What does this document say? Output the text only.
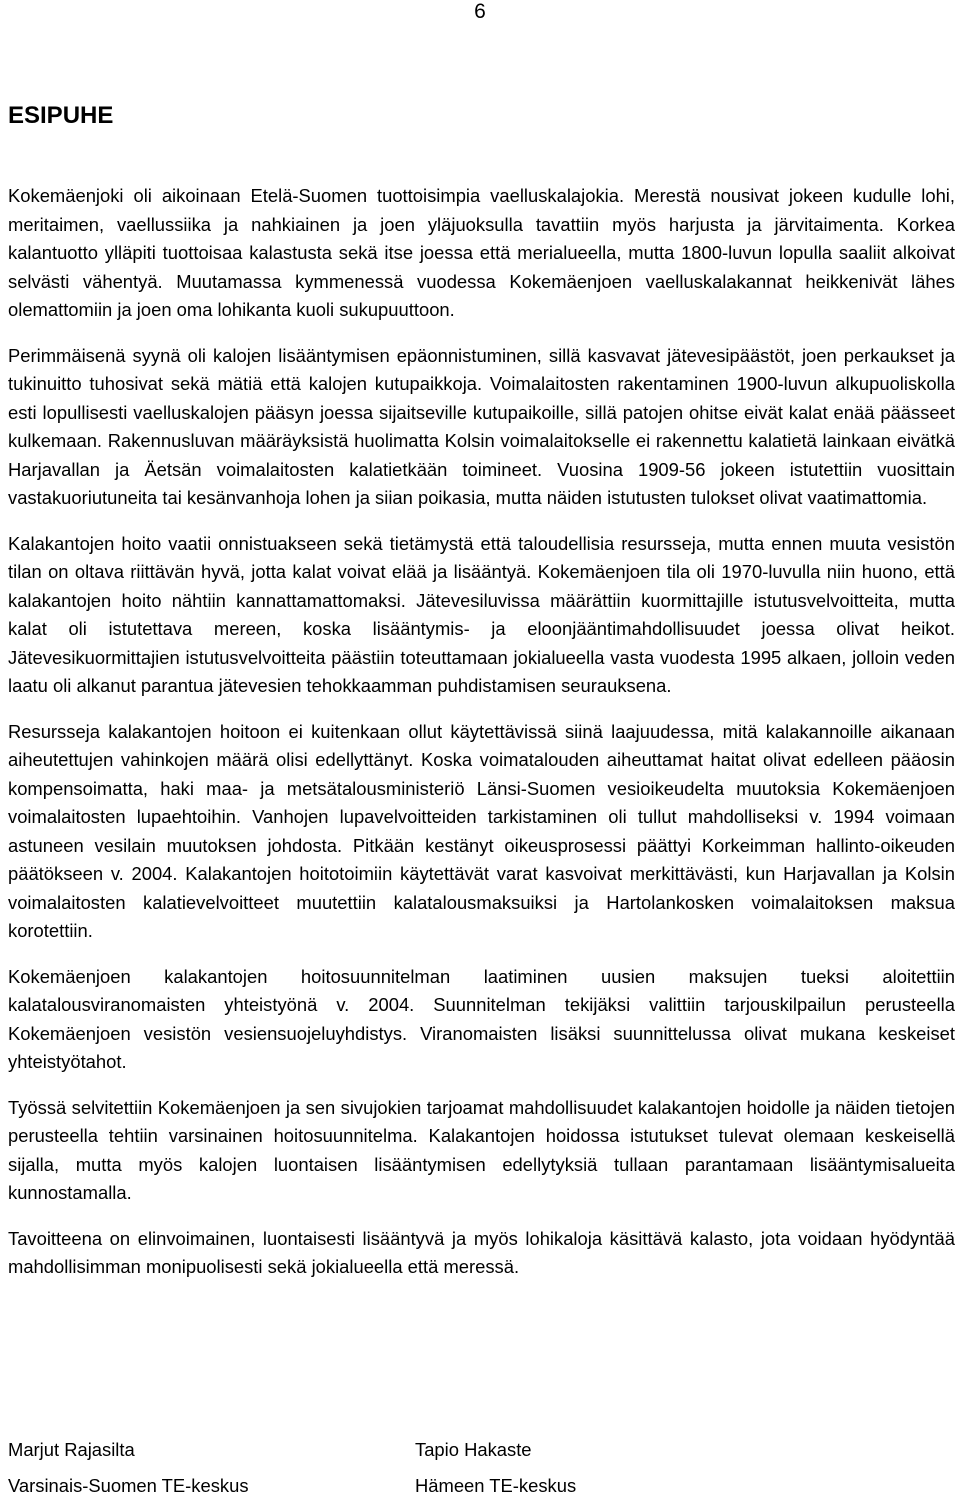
6
ESIPUHE

Kokemäenjoki oli aikoinaan Etelä-Suomen tuottoisimpia vaelluskalajokia. Merestä nousivat jokeen kudulle lohi, meritaimen, vaellussiika ja nahkiainen ja joen yläjuoksulla tavattiin myös harjusta ja järvitaimenta. Korkea kalantuotto ylläpiti tuottoisaa kalastusta sekä itse joessa että merialueella, mutta 1800-luvun lopulla saaliit alkoivat selvästi vähentyä. Muutamassa kymmenessä vuodessa Kokemäenjoen vaelluskalakannat heikkenivät lähes olemattomiin ja joen oma lohikanta kuoli sukupuuttoon.

Perimmäisenä syynä oli kalojen lisääntymisen epäonnistuminen, sillä kasvavat jätevesipäästöt, joen perkaukset ja tukinuitto tuhosivat sekä mätiä että kalojen kutupaikkoja. Voimalaitosten rakentaminen 1900-luvun alkupuoliskolla esti lopullisesti vaelluskalojen pääsyn joessa sijaitseville kutupaikoille, sillä patojen ohitse eivät kalat enää päässeet kulkemaan. Rakennusluvan määräyksistä huolimatta Kolsin voimalaitokselle ei rakennettu kalatietä lainkaan eivätkä Harjavallan ja Äetsän voimalaitosten kalatietkään toimineet. Vuosina 1909-56 jokeen istutettiin vuosittain vastakuoriutuneita tai kesänvanhoja lohen ja siian poikasia, mutta näiden istutusten tulokset olivat vaatimattomia.

Kalakantojen hoito vaatii onnistuakseen sekä tietämystä että taloudellisia resursseja, mutta ennen muuta vesistön tilan on oltava riittävän hyvä, jotta kalat voivat elää ja lisääntyä. Kokemäenjoen tila oli 1970-luvulla niin huono, että kalakantojen hoito nähtiin kannattamattomaksi. Jätevesiluvissa määrättiin kuormittajille istutusvelvoitteita, mutta kalat oli istutettava mereen, koska lisääntymis- ja eloonjääntimahdollisuudet joessa olivat heikot. Jätevesikuormittajien istutusvelvoitteita päästiin toteuttamaan jokialueella vasta vuodesta 1995 alkaen, jolloin veden laatu oli alkanut parantua jätevesien tehokkaamman puhdistamisen seurauksena.

Resursseja kalakantojen hoitoon ei kuitenkaan ollut käytettävissä siinä laajuudessa, mitä kalakannoille aikanaan aiheutettujen vahinkojen määrä olisi edellyttänyt. Koska voimatalouden aiheuttamat haitat olivat edelleen pääosin kompensoimatta, haki maa- ja metsätalousministeriö Länsi-Suomen vesioikeudelta muutoksia Kokemäenjoen voimalaitosten lupaehtoihin. Vanhojen lupavelvoitteiden tarkistaminen oli tullut mahdolliseksi v. 1994 voimaan astuneen vesilain muutoksen johdosta. Pitkään kestänyt oikeusprosessi päättyi Korkeimman hallinto-oikeuden päätökseen v. 2004. Kalakantojen hoitotoimiin käytettävät varat kasvoivat merkittävästi, kun Harjavallan ja Kolsin voimalaitosten kalatievelvoitteet muutettiin kalatalousmaksuiksi ja Hartolankosken voimalaitoksen maksua korotettiin.

Kokemäenjoen kalakantojen hoitosuunnitelman laatiminen uusien maksujen tueksi aloitettiin kalatalousviranomaisten yhteistyönä v. 2004. Suunnitelman tekijäksi valittiin tarjouskilpailun perusteella Kokemäenjoen vesistön vesiensuojeluyhdistys. Viranomaisten lisäksi suunnittelussa olivat mukana keskeiset yhteistyötahot.

Työssä selvitettiin Kokemäenjoen ja sen sivujokien tarjoamat mahdollisuudet kalakantojen hoidolle ja näiden tietojen perusteella tehtiin varsinainen hoitosuunnitelma. Kalakantojen hoidossa istutukset tulevat olemaan keskeisellä sijalla, mutta myös kalojen luontaisen lisääntymisen edellytyksiä tullaan parantamaan lisääntymisalueita kunnostamalla.

Tavoitteena on elinvoimainen, luontaisesti lisääntyvä ja myös lohikaloja käsittävä kalasto, jota voidaan hyödyntää mahdollisimman monipuolisesti sekä jokialueella että meressä.

Marjut Rajasilta
Varsinais-Suomen TE-keskus
Tapio Hakaste
Hämeen TE-keskus
